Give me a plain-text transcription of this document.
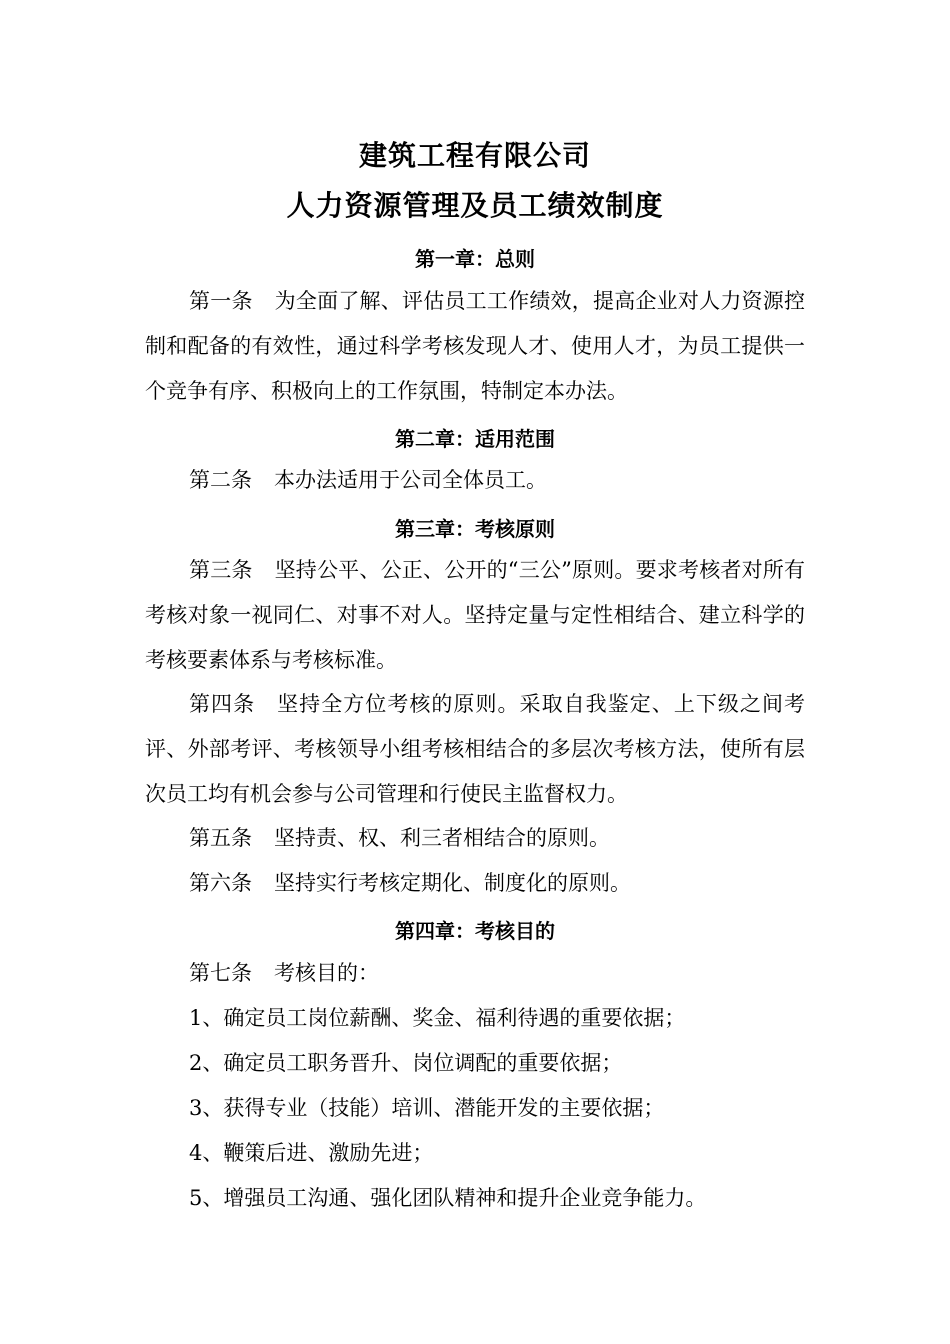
建筑工程有限公司
人力资源管理及员工绩效制度
第一章：总则
第一条 为全面了解、评估员工工作绩效，提高企业对人力资源控制和配备的有效性，通过科学考核发现人才、使用人才，为员工提供一个竞争有序、积极向上的工作氛围，特制定本办法。
第二章：适用范围
第二条 本办法适用于公司全体员工。
第三章：考核原则
第三条 坚持公平、公正、公开的“三公”原则。要求考核者对所有考核对象一视同仁、对事不对人。坚持定量与定性相结合、建立科学的考核要素体系与考核标准。
第四条 坚持全方位考核的原则。采取自我鉴定、上下级之间考评、外部考评、考核领导小组考核相结合的多层次考核方法，使所有层次员工均有机会参与公司管理和行使民主监督权力。
第五条 坚持责、权、利三者相结合的原则。
第六条 坚持实行考核定期化、制度化的原则。
第四章：考核目的
第七条 考核目的：
1、确定员工岗位薪酬、奖金、福利待遇的重要依据；
2、确定员工职务晋升、岗位调配的重要依据；
3、获得专业（技能）培训、潜能开发的主要依据；
4、鞭策后进、激励先进；
5、增强员工沟通、强化团队精神和提升企业竞争能力。
